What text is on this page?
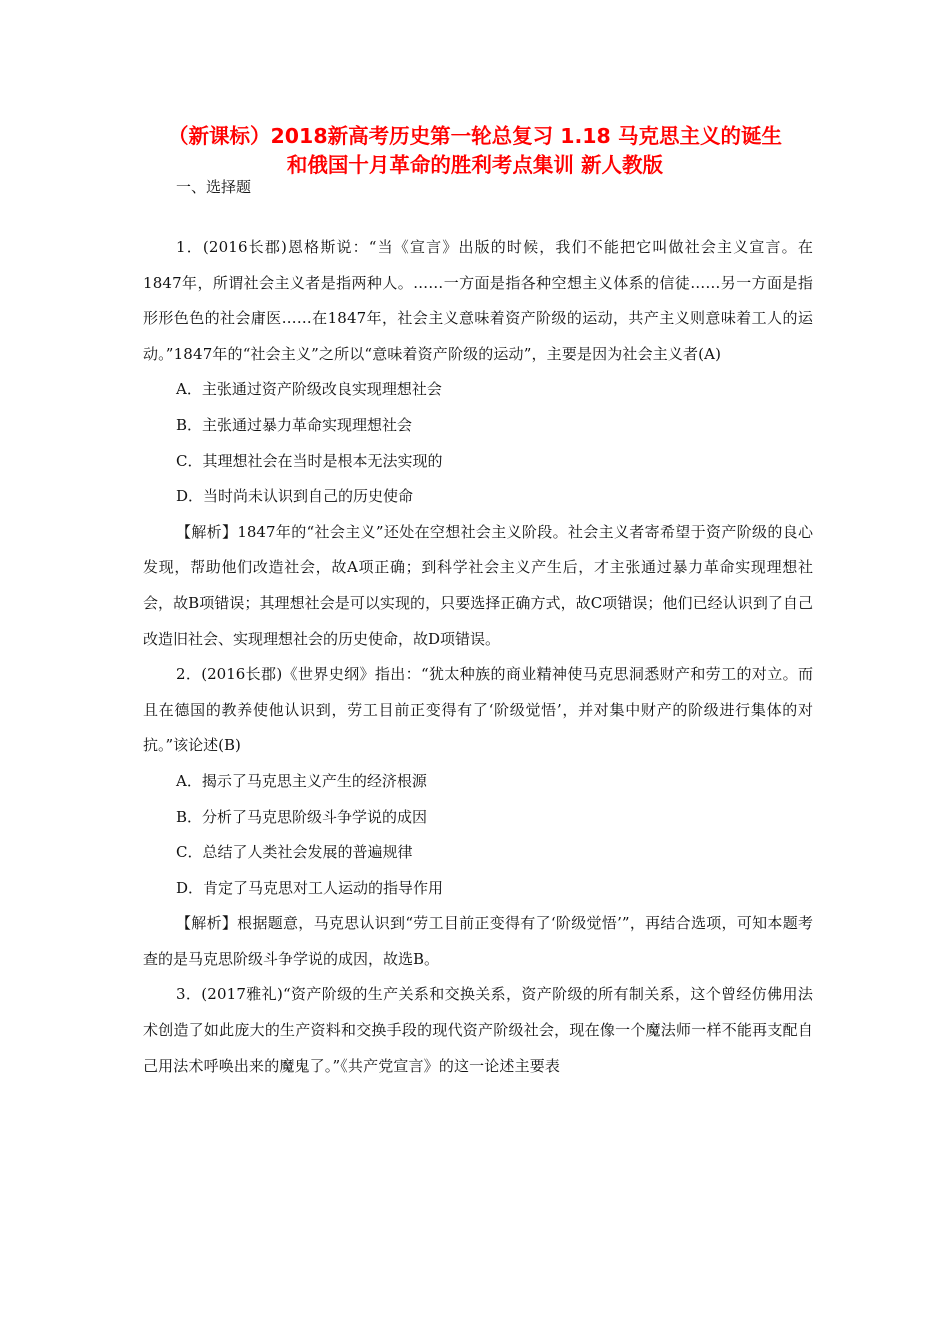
（新课标）2018新高考历史第一轮总复习 1.18 马克思主义的诞生
和俄国十月革命的胜利考点集训 新人教版
一、选择题

1．(2016长郡)恩格斯说：“当《宣言》出版的时候，我们不能把它叫做社会主义宣言。在1847年，所谓社会主义者是指两种人。……一方面是指各种空想主义体系的信徒……另一方面是指形形色色的社会庸医……在1847年，社会主义意味着资产阶级的运动，共产主义则意味着工人的运动。”1847年的“社会主义”之所以“意味着资产阶级的运动”，主要是因为社会主义者(A)

A．主张通过资产阶级改良实现理想社会

B．主张通过暴力革命实现理想社会

C．其理想社会在当时是根本无法实现的

D．当时尚未认识到自己的历史使命

【解析】1847年的“社会主义”还处在空想社会主义阶段。社会主义者寄希望于资产阶级的良心发现，帮助他们改造社会，故A项正确；到科学社会主义产生后，才主张通过暴力革命实现理想社会，故B项错误；其理想社会是可以实现的，只要选择正确方式，故C项错误；他们已经认识到了自己改造旧社会、实现理想社会的历史使命，故D项错误。

2．(2016长郡)《世界史纲》指出：“犹太种族的商业精神使马克思洞悉财产和劳工的对立。而且在德国的教养使他认识到，劳工目前正变得有了‘阶级觉悟’，并对集中财产的阶级进行集体的对抗。”该论述(B)

A．揭示了马克思主义产生的经济根源

B．分析了马克思阶级斗争学说的成因

C．总结了人类社会发展的普遍规律

D．肯定了马克思对工人运动的指导作用

【解析】根据题意，马克思认识到“劳工目前正变得有了‘阶级觉悟’”，再结合选项，可知本题考查的是马克思阶级斗争学说的成因，故选B。

3．(2017雅礼)“资产阶级的生产关系和交换关系，资产阶级的所有制关系，这个曾经仿佛用法术创造了如此庞大的生产资料和交换手段的现代资产阶级社会，现在像一个魔法师一样不能再支配自己用法术呼唤出来的魔鬼了。”《共产党宣言》的这一论述主要表
